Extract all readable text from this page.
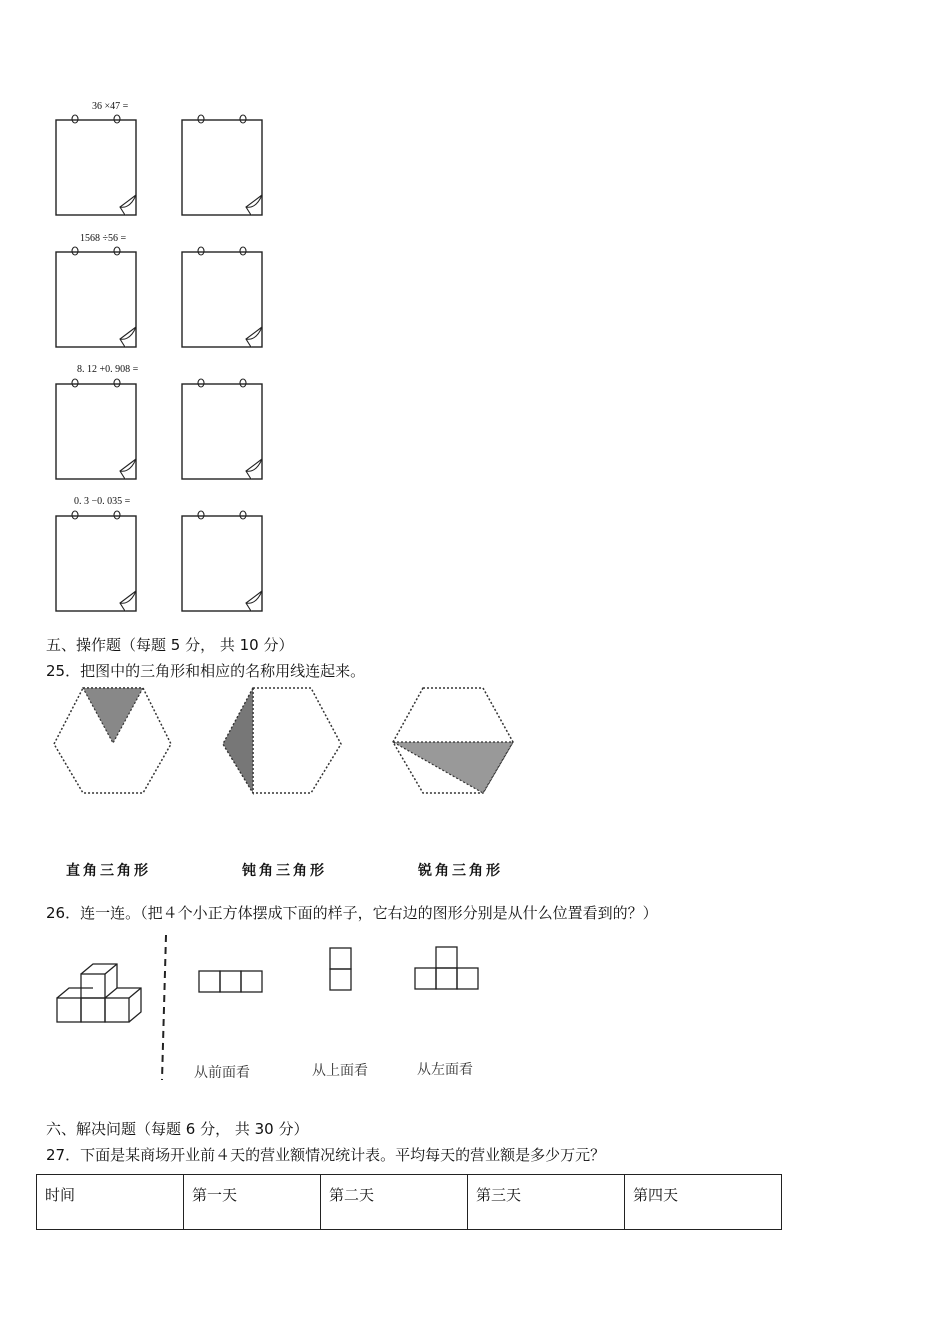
36 ×47 =
1568 ÷56 =
8. 12 +0. 908 =
0. 3 −0. 035 =
五、操作题（每题 5 分， 共 10 分）
25．把图中的三角形和相应的名称用线连起来。
直角三角形	钝角三角形	锐角三角形
26．连一连。（把４个小正方体摆成下面的样子，它右边的图形分别是从什么位置看到的？）
从前面看	从上面看	从左面看
六、解决问题（每题 6 分， 共 30 分）
27．下面是某商场开业前４天的营业额情况统计表。平均每天的营业额是多少万元？
时间	第一天	第二天	第三天	第四天
